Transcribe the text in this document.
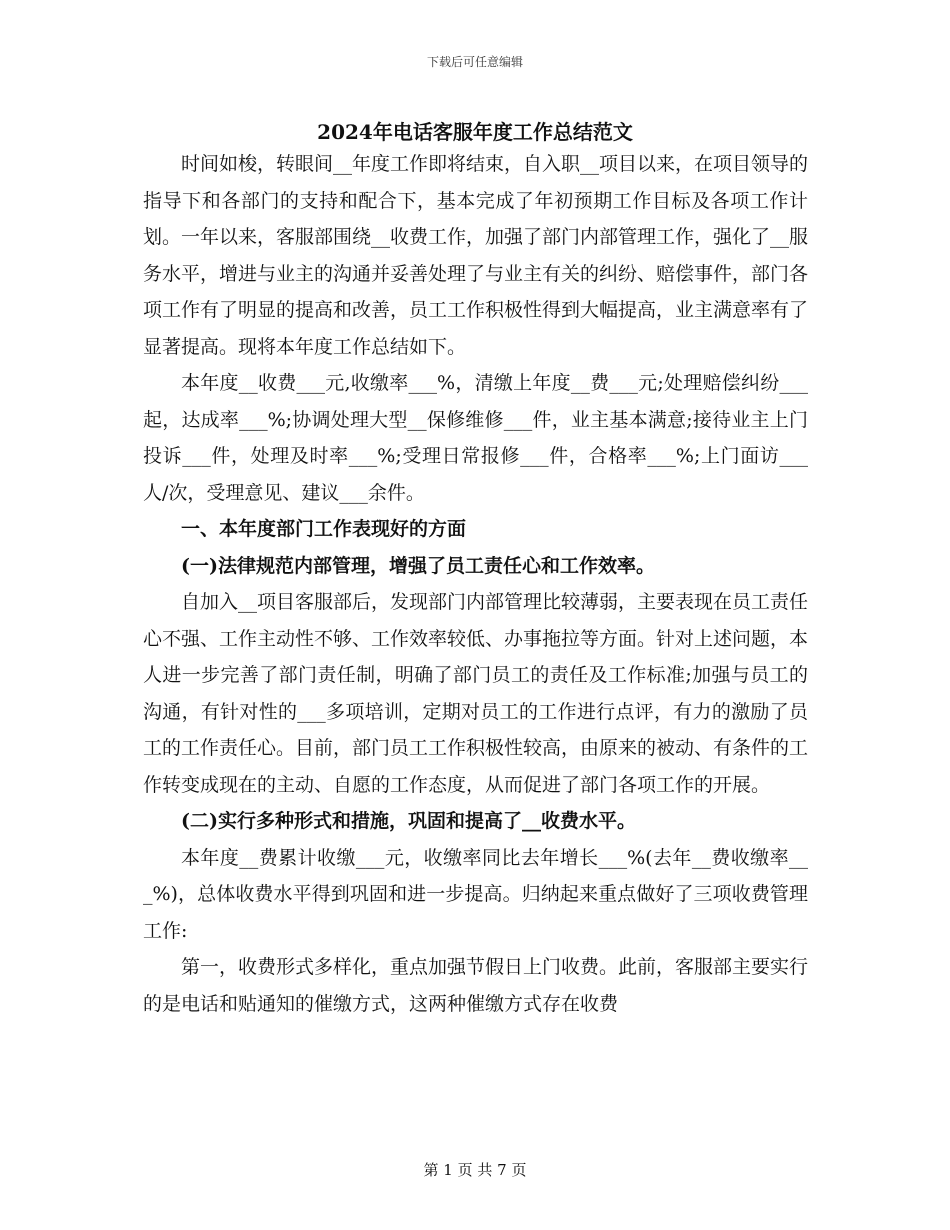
下载后可任意编辑
2024年电话客服年度工作总结范文

时间如梭，转眼间__年度工作即将结束，自入职__项目以来，在项目领导的指导下和各部门的支持和配合下，基本完成了年初预期工作目标及各项工作计划。一年以来，客服部围绕__收费工作，加强了部门内部管理工作，强化了__服务水平，增进与业主的沟通并妥善处理了与业主有关的纠纷、赔偿事件，部门各项工作有了明显的提高和改善，员工工作积极性得到大幅提高，业主满意率有了显著提高。现将本年度工作总结如下。

本年度__收费___元,收缴率___%，清缴上年度__费___元;处理赔偿纠纷___起，达成率___%;协调处理大型__保修维修___件，业主基本满意;接待业主上门投诉___件，处理及时率___%;受理日常报修___件，合格率___%;上门面访___人/次，受理意见、建议___余件。

一、本年度部门工作表现好的方面

(一)法律规范内部管理，增强了员工责任心和工作效率。

自加入__项目客服部后，发现部门内部管理比较薄弱，主要表现在员工责任心不强、工作主动性不够、工作效率较低、办事拖拉等方面。针对上述问题，本人进一步完善了部门责任制，明确了部门员工的责任及工作标准;加强与员工的沟通，有针对性的___多项培训，定期对员工的工作进行点评，有力的激励了员工的工作责任心。目前，部门员工工作积极性较高，由原来的被动、有条件的工作转变成现在的主动、自愿的工作态度，从而促进了部门各项工作的开展。

(二)实行多种形式和措施，巩固和提高了__收费水平。

本年度__费累计收缴___元，收缴率同比去年增长___%(去年__费收缴率___%)，总体收费水平得到巩固和进一步提高。归纳起来重点做好了三项收费管理工作:

第一，收费形式多样化，重点加强节假日上门收费。此前，客服部主要实行的是电话和贴通知的催缴方式，这两种催缴方式存在收费

第 1 页 共 7 页
